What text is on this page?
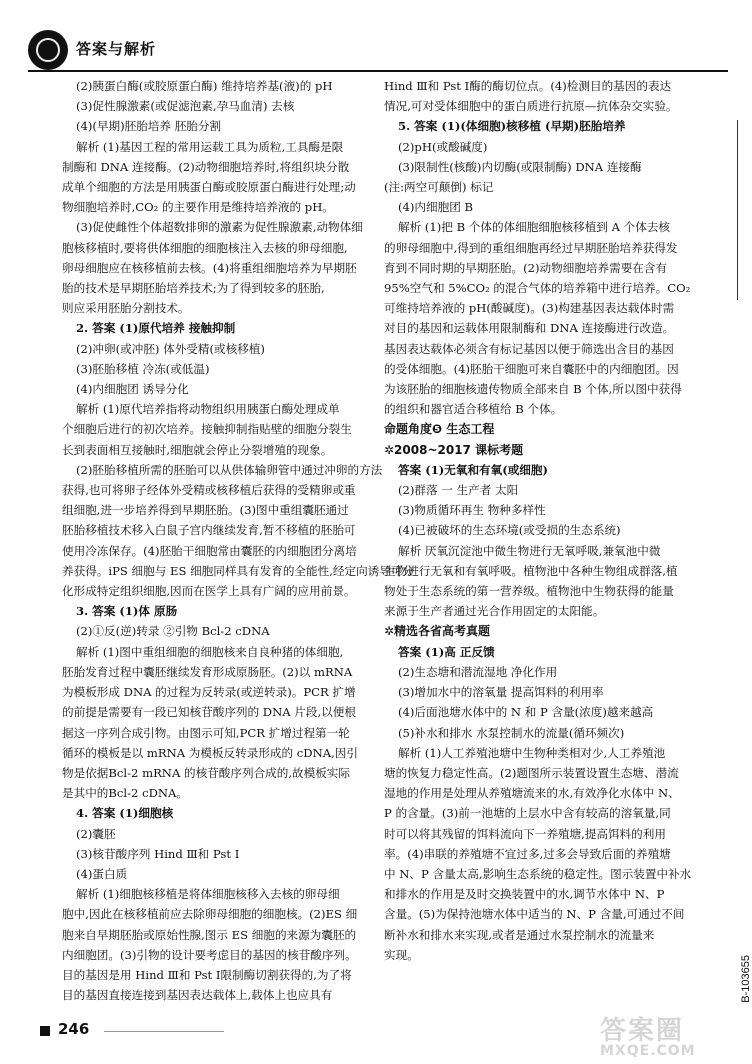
答案与解析
(2)胰蛋白酶(或胶原蛋白酶) 维持培养基(液)的 pH
(3)促性腺激素(或促滤泡素,孕马血清) 去核
(4)(早期)胚胎培养 胚胎分割
解析 (1)基因工程的常用运载工具为质粒,工具酶是限
制酶和 DNA 连接酶。(2)动物细胞培养时,将组织块分散
成单个细胞的方法是用胰蛋白酶或胶原蛋白酶进行处理;动
物细胞培养时,CO₂ 的主要作用是维持培养液的 pH。
(3)促使雌性个体超数排卵的激素为促性腺激素,动物体细
胞核移植时,要将供体细胞的细胞核注入去核的卵母细胞,
卵母细胞应在核移植前去核。(4)将重组细胞培养为早期胚
胎的技术是早期胚胎培养技术;为了得到较多的胚胎,
则应采用胚胎分割技术。
2. 答案 (1)原代培养 接触抑制
(2)冲卵(或冲胚) 体外受精(或核移植)
(3)胚胎移植 冷冻(或低温)
(4)内细胞团 诱导分化
解析 (1)原代培养指将动物组织用胰蛋白酶处理成单
个细胞后进行的初次培养。接触抑制指贴壁的细胞分裂生
长到表面相互接触时,细胞就会停止分裂增殖的现象。
(2)胚胎移植所需的胚胎可以从供体输卵管中通过冲卵的方法
获得,也可将卵子经体外受精或核移植后获得的受精卵或重
组细胞,进一步培养得到早期胚胎。(3)图中重组囊胚通过
胚胎移植技术移入白鼠子宫内继续发育,暂不移植的胚胎可
使用冷冻保存。(4)胚胎干细胞常由囊胚的内细胞团分离培
养获得。iPS 细胞与 ES 细胞同样具有发育的全能性,经定向诱导可分
化形成特定组织细胞,因而在医学上具有广阔的应用前景。
3. 答案 (1)体 原肠
(2)①反(逆)转录 ②引物 Bcl-2 cDNA
解析 (1)图中重组细胞的细胞核来自良种猪的体细胞,
胚胎发育过程中囊胚继续发育形成原肠胚。(2)以 mRNA
为模板形成 DNA 的过程为反转录(或逆转录)。PCR 扩增
的前提是需要有一段已知核苷酸序列的 DNA 片段,以便根
据这一序列合成引物。由图示可知,PCR 扩增过程第一轮
循环的模板是以 mRNA 为模板反转录形成的 cDNA,因引
物是依据Bcl-2 mRNA 的核苷酸序列合成的,故模板实际
是其中的Bcl-2 cDNA。
4. 答案 (1)细胞核
(2)囊胚
(3)核苷酸序列 Hind Ⅲ和 Pst Ⅰ
(4)蛋白质
解析 (1)细胞核移植是将体细胞核移入去核的卵母细
胞中,因此在核移植前应去除卵母细胞的细胞核。(2)ES 细
胞来自早期胚胎或原始性腺,图示 ES 细胞的来源为囊胚的
内细胞团。(3)引物的设计要考虑目的基因的核苷酸序列。
目的基因是用 Hind Ⅲ和 Pst Ⅰ限制酶切割获得的,为了将
目的基因直接连接到基因表达载体上,载体上也应具有
Hind Ⅲ和 Pst Ⅰ酶的酶切位点。(4)检测目的基因的表达
情况,可对受体细胞中的蛋白质进行抗原—抗体杂交实验。
5. 答案 (1)(体细胞)核移植 (早期)胚胎培养
(2)pH(或酸碱度)
(3)限制性(核酸)内切酶(或限制酶) DNA 连接酶
(注:两空可颠倒) 标记
(4)内细胞团 B
解析 (1)把 B 个体的体细胞细胞核移植到 A 个体去核
的卵母细胞中,得到的重组细胞再经过早期胚胎培养获得发
育到不同时期的早期胚胎。(2)动物细胞培养需要在含有
95%空气和 5%CO₂ 的混合气体的培养箱中进行培养。CO₂
可维持培养液的 pH(酸碱度)。(3)构建基因表达载体时需
对目的基因和运载体用限制酶和 DNA 连接酶进行改造。
基因表达载体必须含有标记基因以便于筛选出含目的基因
的受体细胞。(4)胚胎干细胞可来自囊胚中的内细胞团。因
为该胚胎的细胞核遗传物质全部来自 B 个体,所以图中获得
的组织和器官适合移植给 B 个体。
命题角度❺ 生态工程
✲2008~2017 课标考题
答案 (1)无氧和有氧(或细胞)
(2)群落 一 生产者 太阳
(3)物质循环再生 物种多样性
(4)已被破坏的生态环境(或受损的生态系统)
解析 厌氧沉淀池中微生物进行无氧呼吸,兼氧池中微
生物进行无氧和有氧呼吸。植物池中各种生物组成群落,植
物处于生态系统的第一营养级。植物池中生物获得的能量
来源于生产者通过光合作用固定的太阳能。
✲精选各省高考真题
答案 (1)高 正反馈
(2)生态塘和潜流湿地 净化作用
(3)增加水中的溶氧量 提高饵料的利用率
(4)后面池塘水体中的 N 和 P 含量(浓度)越来越高
(5)补水和排水 水泵控制水的流量(循环频次)
解析 (1)人工养殖池塘中生物种类相对少,人工养殖池
塘的恢复力稳定性高。(2)题图所示装置设置生态塘、潜流
湿地的作用是处理从养殖塘流来的水,有效净化水体中 N、
P 的含量。(3)前一池塘的上层水中含有较高的溶氧量,同
时可以将其残留的饵料流向下一养殖塘,提高饵料的利用
率。(4)串联的养殖塘不宜过多,过多会导致后面的养殖塘
中 N、P 含量太高,影响生态系统的稳定性。图示装置中补水
和排水的作用是及时交换装置中的水,调节水体中 N、P
含量。(5)为保持池塘水体中适当的 N、P 含量,可通过不间
断补水和排水来实现,或者是通过水泵控制水的流量来
实现。
B-103655
246	答案圈
MXQE.COM
